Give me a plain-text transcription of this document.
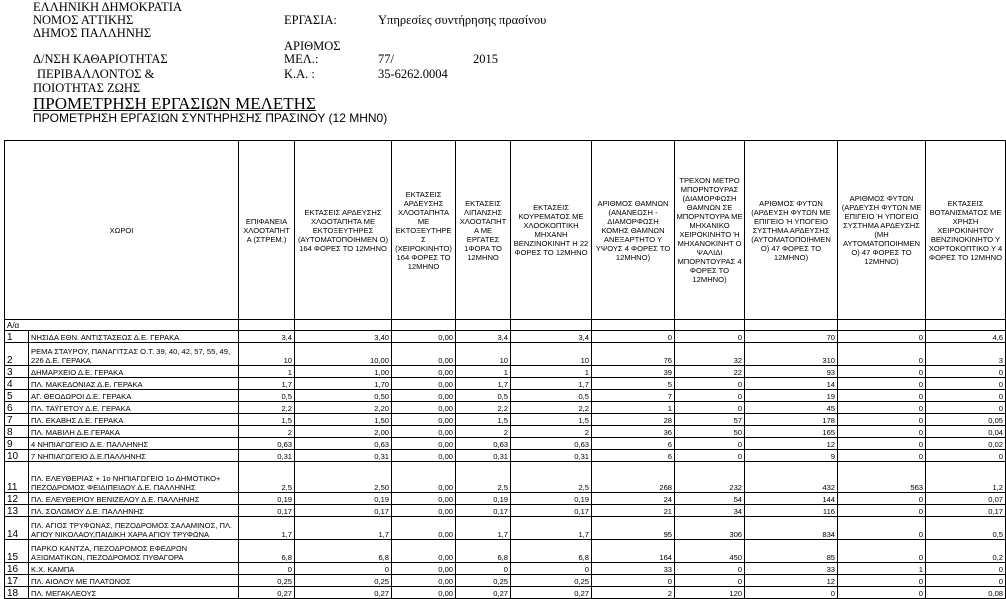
ΕΛΛΗΝΙΚΗ ΔΗΜΟΚΡΑΤΙΑ
ΝΟΜΟΣ ΑΤΤΙΚΗΣ
ΔΗΜΟΣ ΠΑΛΛΗΝΗΣ
Δ/ΝΣΗ ΚΑΘΑΡΙΟΤΗΤΑΣ
ΠΕΡΙΒΑΛΛΟΝΤΟΣ &
ΠΟΙΟΤΗΤΑΣ ΖΩΗΣ
ΕΡΓΑΣΙΑ:	Υπηρεσίες συντήρησης πρασίνου
ΑΡΙΘΜΟΣ
ΜΕΛ.:	77/	2015
Κ.Α. :	35-6262.0004
ΠΡΟΜΕΤΡΗΣΗ ΕΡΓΑΣΙΩΝ ΜΕΛΕΤΗΣ
ΠΡΟΜΕΤΡΗΣΗ ΕΡΓΑΣΙΩΝ ΣΥΝΤΗΡΗΣΗΣ ΠΡΑΣΙΝΟΥ (12 ΜΗΝ0)
ΧΩΡΟΙ		ΕΠΙΦΑΝΕΙΑ ΧΛΟΟΤΑΠΗΤ Α (ΣΤΡΕΜ.)	ΕΚΤΑΣΕΙΣ ΑΡΔΕΥΣΗΣ ΧΛΟΟΤΑΠΗΤΑ ΜΕ ΕΚΤΟΞΕΥΤΗΡΕΣ (ΑΥΤΟΜΑΤΟΠΟΙΗΜΕΝ Ο) 164 ΦΟΡΕΣ ΤΟ 12ΜΗΝΟ	ΕΚΤΑΣΕΙΣ ΑΡΔΕΥΣΗΣ ΧΛΟΟΤΑΠΗΤΑ ΜΕ ΕΚΤΟΞΕΥΤΗΡΕ Σ (ΧΕΙΡΟΚΙΝΗΤΟ) 164 ΦΟΡΕΣ ΤΟ 12ΜΗΝΟ	ΕΚΤΑΣΕΙΣ ΛΙΠΑΝΣΗΣ ΧΛΟΟΤΑΠΗΤ Α ΜΕ ΕΡΓΑΤΕΣ 1ΦΟΡΑ ΤΟ 12ΜΗΝΟ	ΕΚΤΑΣΕΙΣ ΚΟΥΡΕΜΑΤΟΣ ΜΕ ΧΛΟΟΚΟΠΤΙΚΗ ΜΗΧΑΝΗ ΒΕΝΖΙΝΟΚΙΝΗΤ Η 22 ΦΟΡΕΣ ΤΟ 12ΜΗΝΟ	ΑΡΙΘΜΟΣ ΘΑΜΝΩΝ (ΑΝΑΝΕΩΣΗ - ΔΙΑΜΟΡΦΩΣΗ ΚΟΜΗΣ ΘΑΜΝΩΝ ΑΝΕΞΑΡΤΗΤΟ Υ ΥΨΟΥΣ 4 ΦΟΡΕΣ ΤΟ 12ΜΗΝΟ)	ΤΡΕΧΟΝ ΜΕΤΡΟ ΜΠΟΡΝΤΟΥΡΑΣ (ΔΙΑΜΟΡΦΩΣΗ ΘΑΜΝΩΝ ΣΕ ΜΠΟΡΝΤΟΥΡΑ ΜΕ ΜΗΧΑΝΙΚΟ ΧΕΙΡΟΚΙΝΗΤΟ Ή ΜΗΧΑΝΟΚΙΝΗΤ Ο ΨΑΛΙΔΙ ΜΠΟΡΝΤΟΥΡΑΣ 4 ΦΟΡΕΣ ΤΟ 12ΜΗΝΟ)	ΑΡΙΘΜΟΣ ΦΥΤΩΝ (ΑΡΔΕΥΣΗ ΦΥΤΩΝ ΜΕ ΕΠΙΓΕΙΟ Ή ΥΠΟΓΕΙΟ ΣΥΣΤΗΜΑ ΑΡΔΕΥΣΗΣ (ΑΥΤΟΜΑΤΟΠΟΙΗΜΕΝ Ο) 47 ΦΟΡΕΣ ΤΟ 12ΜΗΝΟ)	ΑΡΙΘΜΟΣ ΦΥΤΩΝ (ΑΡΔΕΥΣΗ ΦΥΤΩΝ ΜΕ ΕΠΙΓΕΙΟ Ή ΥΠΟΓΕΙΟ ΣΥΣΤΗΜΑ ΑΡΔΕΥΣΗΣ (ΜΗ ΑΥΤΟΜΑΤΟΠΟΙΗΜΕΝ Ο) 47 ΦΟΡΕΣ ΤΟ 12ΜΗΝΟ)	ΕΚΤΑΣΕΙΣ ΒΟΤΑΝΙΣΜΑΤΟΣ ΜΕ ΧΡΗΣΗ ΧΕΙΡΟΚΙΝΗΤΟΥ ΒΕΝΖΙΝΟΚΙΝΗΤΟ Υ ΧΟΡΤΟΚΟΠΤΙΚΟ Υ 4 ΦΟΡΕΣ ΤΟ 12ΜΗΝΟ
Α/α											
1	ΝΗΣΙΔΑ ΕΘΝ. ΑΝΤΙΣΤΑΣΕΩΣ Δ.Ε. ΓΕΡΑΚΑ	3,4	3,40	0,00	3,4	3,4	0	0	70	0	4,6
2	ΡΕΜΑ ΣΤΑΥΡΟΥ, ΠΑΝΑΓΙΤΣΑΣ Ο.Τ. 39, 40, 42, 57, 55, 49, 226 Δ.Ε. ΓΕΡΑΚΑ	10	10,00	0,00	10	10	76	32	310	0	3
3	ΔΗΜΑΡΧΕΙΟ Δ.Ε. ΓΕΡΑΚΑ	1	1,00	0,00	1	1	39	22	93	0	0
4	ΠΛ. ΜΑΚΕΔΟΝΙΑΣ Δ.Ε. ΓΕΡΑΚΑ	1,7	1,70	0,00	1,7	1,7	5	0	14	0	0
5	ΑΓ. ΘΕΟΔΩΡΟΙ Δ.Ε. ΓΕΡΑΚΑ	0,5	0,50	0,00	0,5	0,5	7	0	19	0	0
6	ΠΛ. ΤΑΫΓΕΤΟΥ Δ.Ε. ΓΕΡΑΚΑ	2,2	2,20	0,00	2,2	2,2	1	0	45	0	0
7	ΠΛ. ΕΚΑΒΗΣ Δ.Ε. ΓΕΡΑΚΑ	1,5	1,50	0,00	1,5	1,5	28	57	178	0	0,05
8	ΠΛ. ΜΑΒΙΛΗ Δ.Ε.ΓΕΡΑΚΑ	2	2,00	0,00	2	2	36	50	165	0	0,04
9	4 ΝΗΠΙΑΓΩΓΕΙΟ Δ.Ε. ΠΑΛΛΗΝΗΣ	0,63	0,63	0,00	0,63	0,63	6	0	12	0	0,02
10	7 ΝΗΠΙΑΓΩΓΕΙΟ Δ.Ε.ΠΑΛΛΗΝΗΣ	0,31	0,31	0,00	0,31	0,31	6	0	9	0	0
11	ΠΛ. ΕΛΕΥΘΕΡΙΑΣ + 1ο ΝΗΠΙΑΓΩΓΕΙΟ 1ο ΔΗΜΟΤΙΚΟ+ ΠΕΖΟΔΡΟΜΟΣ ΦΕΙΔΙΠΕΙΔΟΥ Δ.Ε. ΠΑΛΛΗΝΗΣ	2,5	2,50	0,00	2,5	2,5	268	232	432	563	1,2
12	ΠΛ. ΕΛΕΥΘΕΡΙΟΥ ΒΕΝΙΖΕΛΟΥ Δ.Ε. ΠΑΛΛΗΝΗΣ	0,19	0,19	0,00	0,19	0,19	24	54	144	0	0,07
13	ΠΛ. ΣΟΛΩΜΟΥ Δ.Ε. ΠΑΛΛΗΝΗΣ	0,17	0,17	0,00	0,17	0,17	21	34	116	0	0,17
14	ΠΛ. ΑΓΙΟΣ ΤΡΥΦΩΝΑΣ, ΠΕΖΟΔΡΟΜΟΣ ΣΑΛΑΜΙΝΟΣ, ΠΛ. ΑΓΙΟΥ ΝΙΚΟΛΑΟΥ,ΠΑΙΔΙΚΗ ΧΑΡΑ ΑΓΙΟΥ ΤΡΥΦΩΝΑ	1,7	1,7	0,00	1,7	1,7	95	306	834	0	0,5
15	ΠΑΡΚΟ ΚΑΝΤΖΑ, ΠΕΖΟΔΡΟΜΟΣ ΕΦΕΔΡΩΝ ΑΞΙΩΜΑΤΙΚΩΝ, ΠΕΖΟΔΡΟΜΟΣ ΠΥΘΑΓΟΡΑ	6,8	6,8	0,00	6,8	6,8	164	450	85	0	0,2
16	Κ.Χ. ΚΑΜΠΑ	0	0	0,00	0	0	33	0	33	1	0
17	ΠΛ. ΑΙΟΛΟΥ ΜΕ ΠΛΑΤΩΝΟΣ	0,25	0,25	0,00	0,25	0,25	0	0	12	0	0
18	ΠΛ. ΜΕΓΑΚΛΕΟΥΣ	0,27	0,27	0,00	0,27	0,27	2	120	0	0	0,08
